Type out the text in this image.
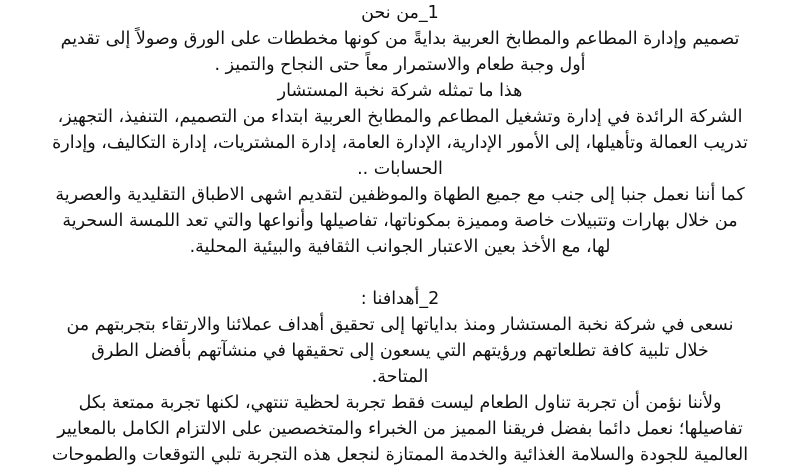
1_من نحن
تصميم وإدارة المطاعم والمطابخ العربية بدايةً من كونها مخططات على الورق وصولاً إلى تقديم
أول وجبة طعام والاستمرار معاً حتى النجاح والتميز .
هذا ما تمثله شركة نخبة المستشار
الشركة الرائدة في إدارة وتشغيل المطاعم والمطابخ العربية ابتداء من التصميم، التنفيذ، التجهيز،
تدريب العمالة وتأهيلها، إلى الأمور الإدارية، الإدارة العامة، إدارة المشتريات، إدارة التكاليف، وإدارة
الحسابات ..
كما أننا نعمل جنبا إلى جنب مع جميع الطهاة والموظفين لتقديم اشهى الاطباق التقليدية والعصرية
من خلال بهارات وتتبيلات خاصة ومميزة بمكوناتها، تفاصيلها وأنواعها والتي تعد اللمسة السحرية
لها، مع الأخذ بعين الاعتبار الجوانب الثقافية والبيئية المحلية.
2_أهدافنا :
نسعى في شركة نخبة المستشار ومنذ بداياتها إلى تحقيق أهداف عملائنا والارتقاء بتجربتهم من
خلال تلبية كافة تطلعاتهم ورؤيتهم التي يسعون إلى تحقيقها في منشآتهم بأفضل الطرق
المتاحة.
ولأننا نؤمن أن تجربة تناول الطعام ليست فقط تجربة لحظية تنتهي، لكنها تجربة ممتعة بكل
تفاصيلها؛ نعمل دائما بفضل فريقنا المميز من الخبراء والمتخصصين على الالتزام الكامل بالمعايير
العالمية للجودة والسلامة الغذائية والخدمة الممتازة لنجعل هذه التجربة تلبي التوقعات والطموحات
